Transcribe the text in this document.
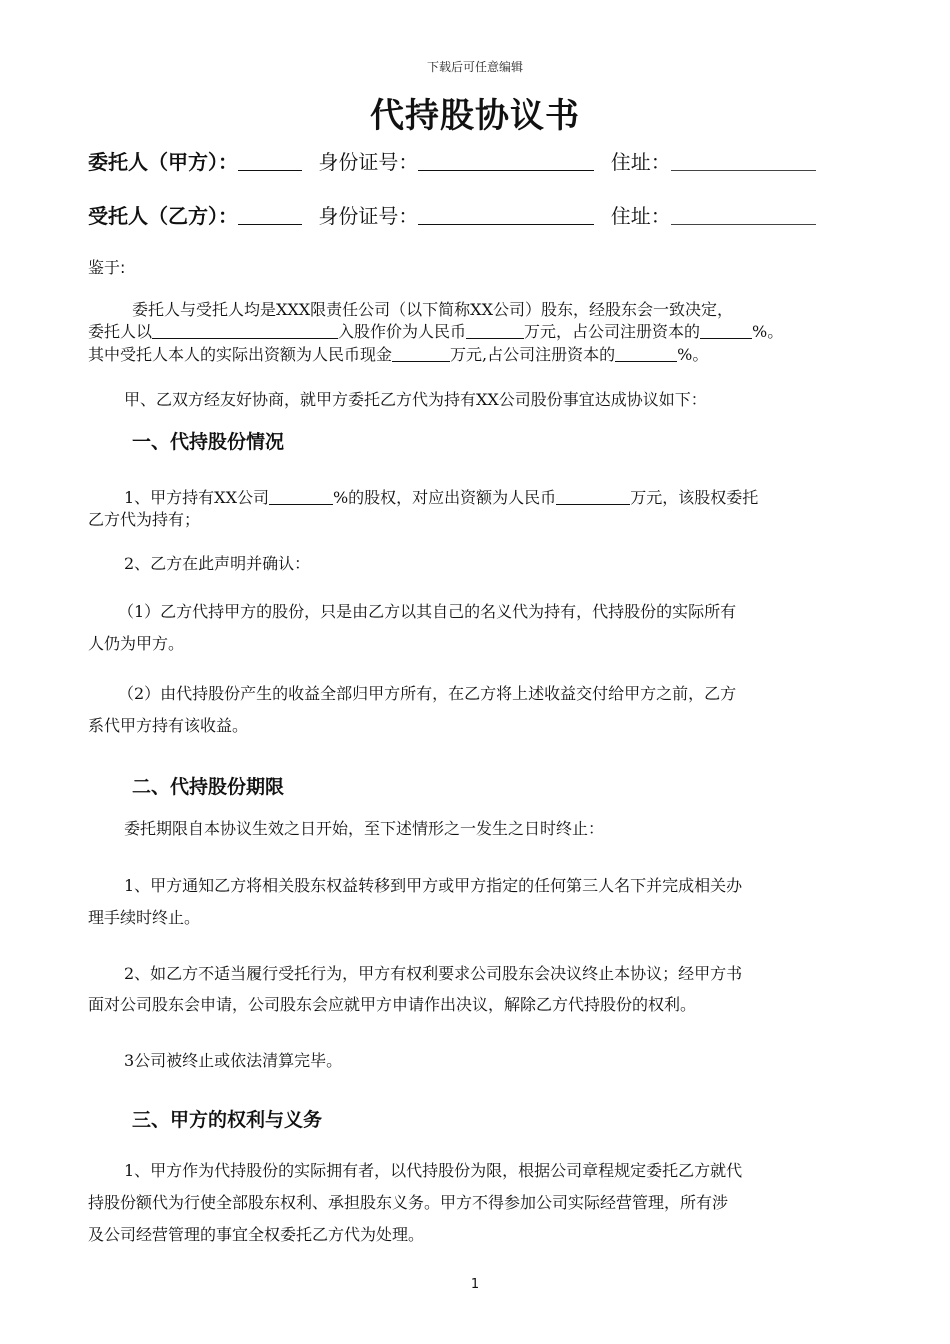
下载后可任意编辑
代持股协议书
委托人（甲方）：	身份证号：	住址：
受托人（乙方）：	身份证号：	住址：
鉴于:
委托人与受托人均是XXX限责任公司（以下简称XX公司）股东，经股东会一致决定，
委托人以	入股作价为人民币	万元，占公司注册资本的	%。
其中受托人本人的实际出资额为人民币现金	万元,占公司注册资本的	%。
甲、乙双方经友好协商，就甲方委托乙方代为持有XX公司股份事宜达成协议如下：
一、代持股份情况
1、甲方持有XX公司	%的股权，对应出资额为人民币	万元，该股权委托
乙方代为持有；
2、乙方在此声明并确认：
（1）乙方代持甲方的股份，只是由乙方以其自己的名义代为持有，代持股份的实际所有
人仍为甲方。
（2）由代持股份产生的收益全部归甲方所有，在乙方将上述收益交付给甲方之前，乙方
系代甲方持有该收益。
二、代持股份期限
委托期限自本协议生效之日开始，至下述情形之一发生之日时终止：
1、甲方通知乙方将相关股东权益转移到甲方或甲方指定的任何第三人名下并完成相关办
理手续时终止。
2、如乙方不适当履行受托行为，甲方有权利要求公司股东会决议终止本协议；经甲方书
面对公司股东会申请，公司股东会应就甲方申请作出决议，解除乙方代持股份的权利。
3公司被终止或依法清算完毕。
三、甲方的权利与义务
1、甲方作为代持股份的实际拥有者，以代持股份为限，根据公司章程规定委托乙方就代
持股份额代为行使全部股东权利、承担股东义务。甲方不得参加公司实际经营管理，所有涉
及公司经营管理的事宜全权委托乙方代为处理。
1
